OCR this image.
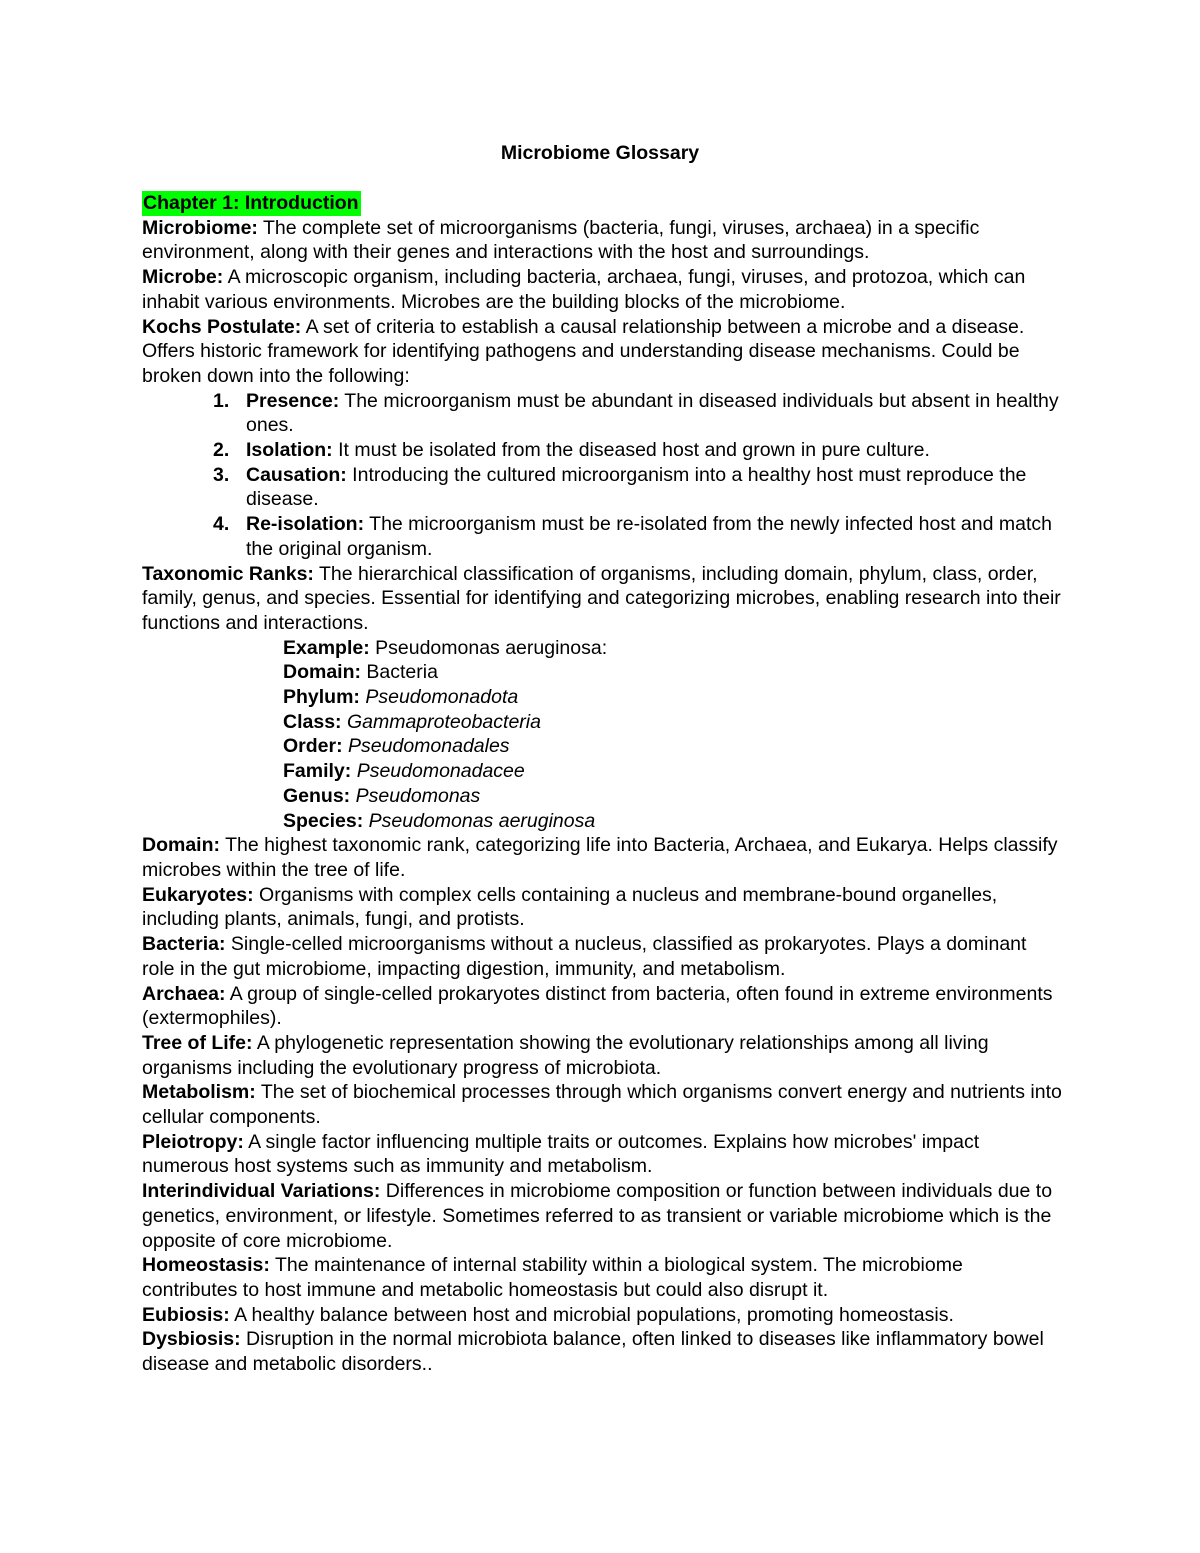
Microbiome Glossary
Chapter 1: Introduction

Microbiome: The complete set of microorganisms (bacteria, fungi, viruses, archaea) in a specific environment, along with their genes and interactions with the host and surroundings.

Microbe: A microscopic organism, including bacteria, archaea, fungi, viruses, and protozoa, which can inhabit various environments. Microbes are the building blocks of the microbiome.

Kochs Postulate: A set of criteria to establish a causal relationship between a microbe and a disease. Offers historic framework for identifying pathogens and understanding disease mechanisms. Could be broken down into the following:

1. Presence: The microorganism must be abundant in diseased individuals but absent in healthy ones.
2. Isolation: It must be isolated from the diseased host and grown in pure culture.
3. Causation: Introducing the cultured microorganism into a healthy host must reproduce the disease.
4. Re-isolation: The microorganism must be re-isolated from the newly infected host and match the original organism.

Taxonomic Ranks: The hierarchical classification of organisms, including domain, phylum, class, order, family, genus, and species. Essential for identifying and categorizing microbes, enabling research into their functions and interactions.

Example: Pseudomonas aeruginosa:
Domain: Bacteria
Phylum: Pseudomonadota
Class: Gammaproteobacteria
Order: Pseudomonadales
Family: Pseudomonadacee
Genus: Pseudomonas
Species: Pseudomonas aeruginosa

Domain: The highest taxonomic rank, categorizing life into Bacteria, Archaea, and Eukarya. Helps classify microbes within the tree of life.

Eukaryotes: Organisms with complex cells containing a nucleus and membrane-bound organelles, including plants, animals, fungi, and protists.

Bacteria: Single-celled microorganisms without a nucleus, classified as prokaryotes. Plays a dominant role in the gut microbiome, impacting digestion, immunity, and metabolism.

Archaea: A group of single-celled prokaryotes distinct from bacteria, often found in extreme environments (extermophiles).

Tree of Life: A phylogenetic representation showing the evolutionary relationships among all living organisms including the evolutionary progress of microbiota.

Metabolism: The set of biochemical processes through which organisms convert energy and nutrients into cellular components.

Pleiotropy: A single factor influencing multiple traits or outcomes. Explains how microbes' impact numerous host systems such as immunity and metabolism.

Interindividual Variations: Differences in microbiome composition or function between individuals due to genetics, environment, or lifestyle. Sometimes referred to as transient or variable microbiome which is the opposite of core microbiome.

Homeostasis: The maintenance of internal stability within a biological system. The microbiome contributes to host immune and metabolic homeostasis but could also disrupt it.

Eubiosis: A healthy balance between host and microbial populations, promoting homeostasis.

Dysbiosis: Disruption in the normal microbiota balance, often linked to diseases like inflammatory bowel disease and metabolic disorders..
